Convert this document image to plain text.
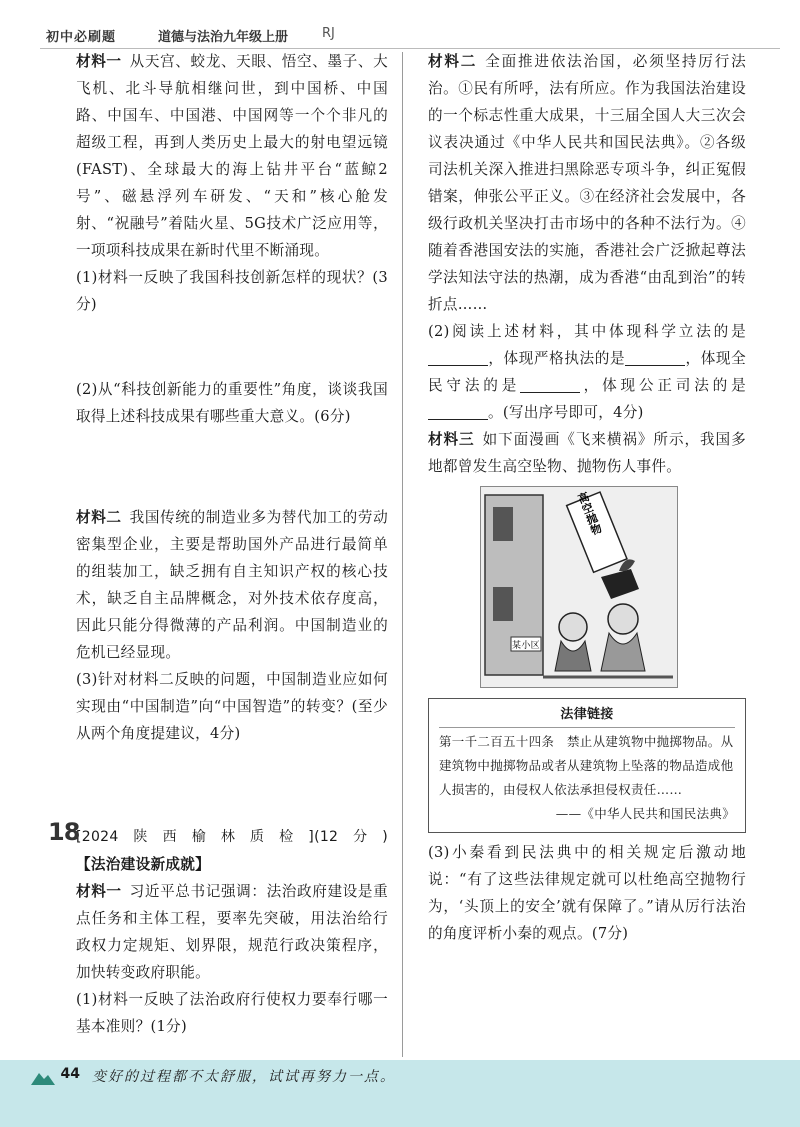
初中必刷题	道德与法治九年级上册	RJ

材料一 从天宫、蛟龙、天眼、悟空、墨子、大飞机、北斗导航相继问世，到中国桥、中国路、中国车、中国港、中国网等一个个非凡的超级工程，再到人类历史上最大的射电望远镜(FAST)、全球最大的海上钻井平台“蓝鲸2号”、磁悬浮列车研发、“天和”核心舱发射、“祝融号”着陆火星、5G技术广泛应用等，一项项科技成果在新时代里不断涌现。

(1)材料一反映了我国科技创新怎样的现状？(3分)

(2)从“科技创新能力的重要性”角度，谈谈我国取得上述科技成果有哪些重大意义。(6分)

材料二 我国传统的制造业多为替代加工的劳动密集型企业，主要是帮助国外产品进行最简单的组装加工，缺乏拥有自主知识产权的核心技术，缺乏自主品牌概念，对外技术依存度高，因此只能分得微薄的产品利润。中国制造业的危机已经显现。

(3)针对材料二反映的问题，中国制造业应如何实现由“中国制造”向“中国智造”的转变？(至少从两个角度提建议，4分)

18

[2024陕西榆林质检](12分)【法治建设新成就】

材料一 习近平总书记强调：法治政府建设是重点任务和主体工程，要率先突破，用法治给行政权力定规矩、划界限，规范行政决策程序，加快转变政府职能。

(1)材料一反映了法治政府行使权力要奉行哪一基本准则？(1分)

材料二 全面推进依法治国，必须坚持厉行法治。①民有所呼，法有所应。作为我国法治建设的一个标志性重大成果，十三届全国人大三次会议表决通过《中华人民共和国民法典》。②各级司法机关深入推进扫黑除恶专项斗争，纠正冤假错案，伸张公平正义。③在经济社会发展中，各级行政机关坚决打击市场中的各种不法行为。④随着香港国安法的实施，香港社会广泛掀起尊法学法知法守法的热潮，成为香港“由乱到治”的转折点……

(2)阅读上述材料，其中体现科学立法的是，体现严格执法的是	，体现全民守法的是	，体现公正司法的是。(写出序号即可，4分)

材料三 如下面漫画《飞来横祸》所示，我国多地都曾发生高空坠物、抛物伤人事件。

某小区
高空抛物
法律链接
第一千二百五十四条　禁止从建筑物中抛掷物品。从建筑物中抛掷物品或者从建筑物上坠落的物品造成他人损害的，由侵权人依法承担侵权责任……
——《中华人民共和国民法典》

(3)小秦看到民法典中的相关规定后激动地说：“有了这些法律规定就可以杜绝高空抛物行为，‘头顶上的安全’就有保障了。”请从厉行法治的角度评析小秦的观点。(7分)

44 变好的过程都不太舒服，试试再努力一点。
